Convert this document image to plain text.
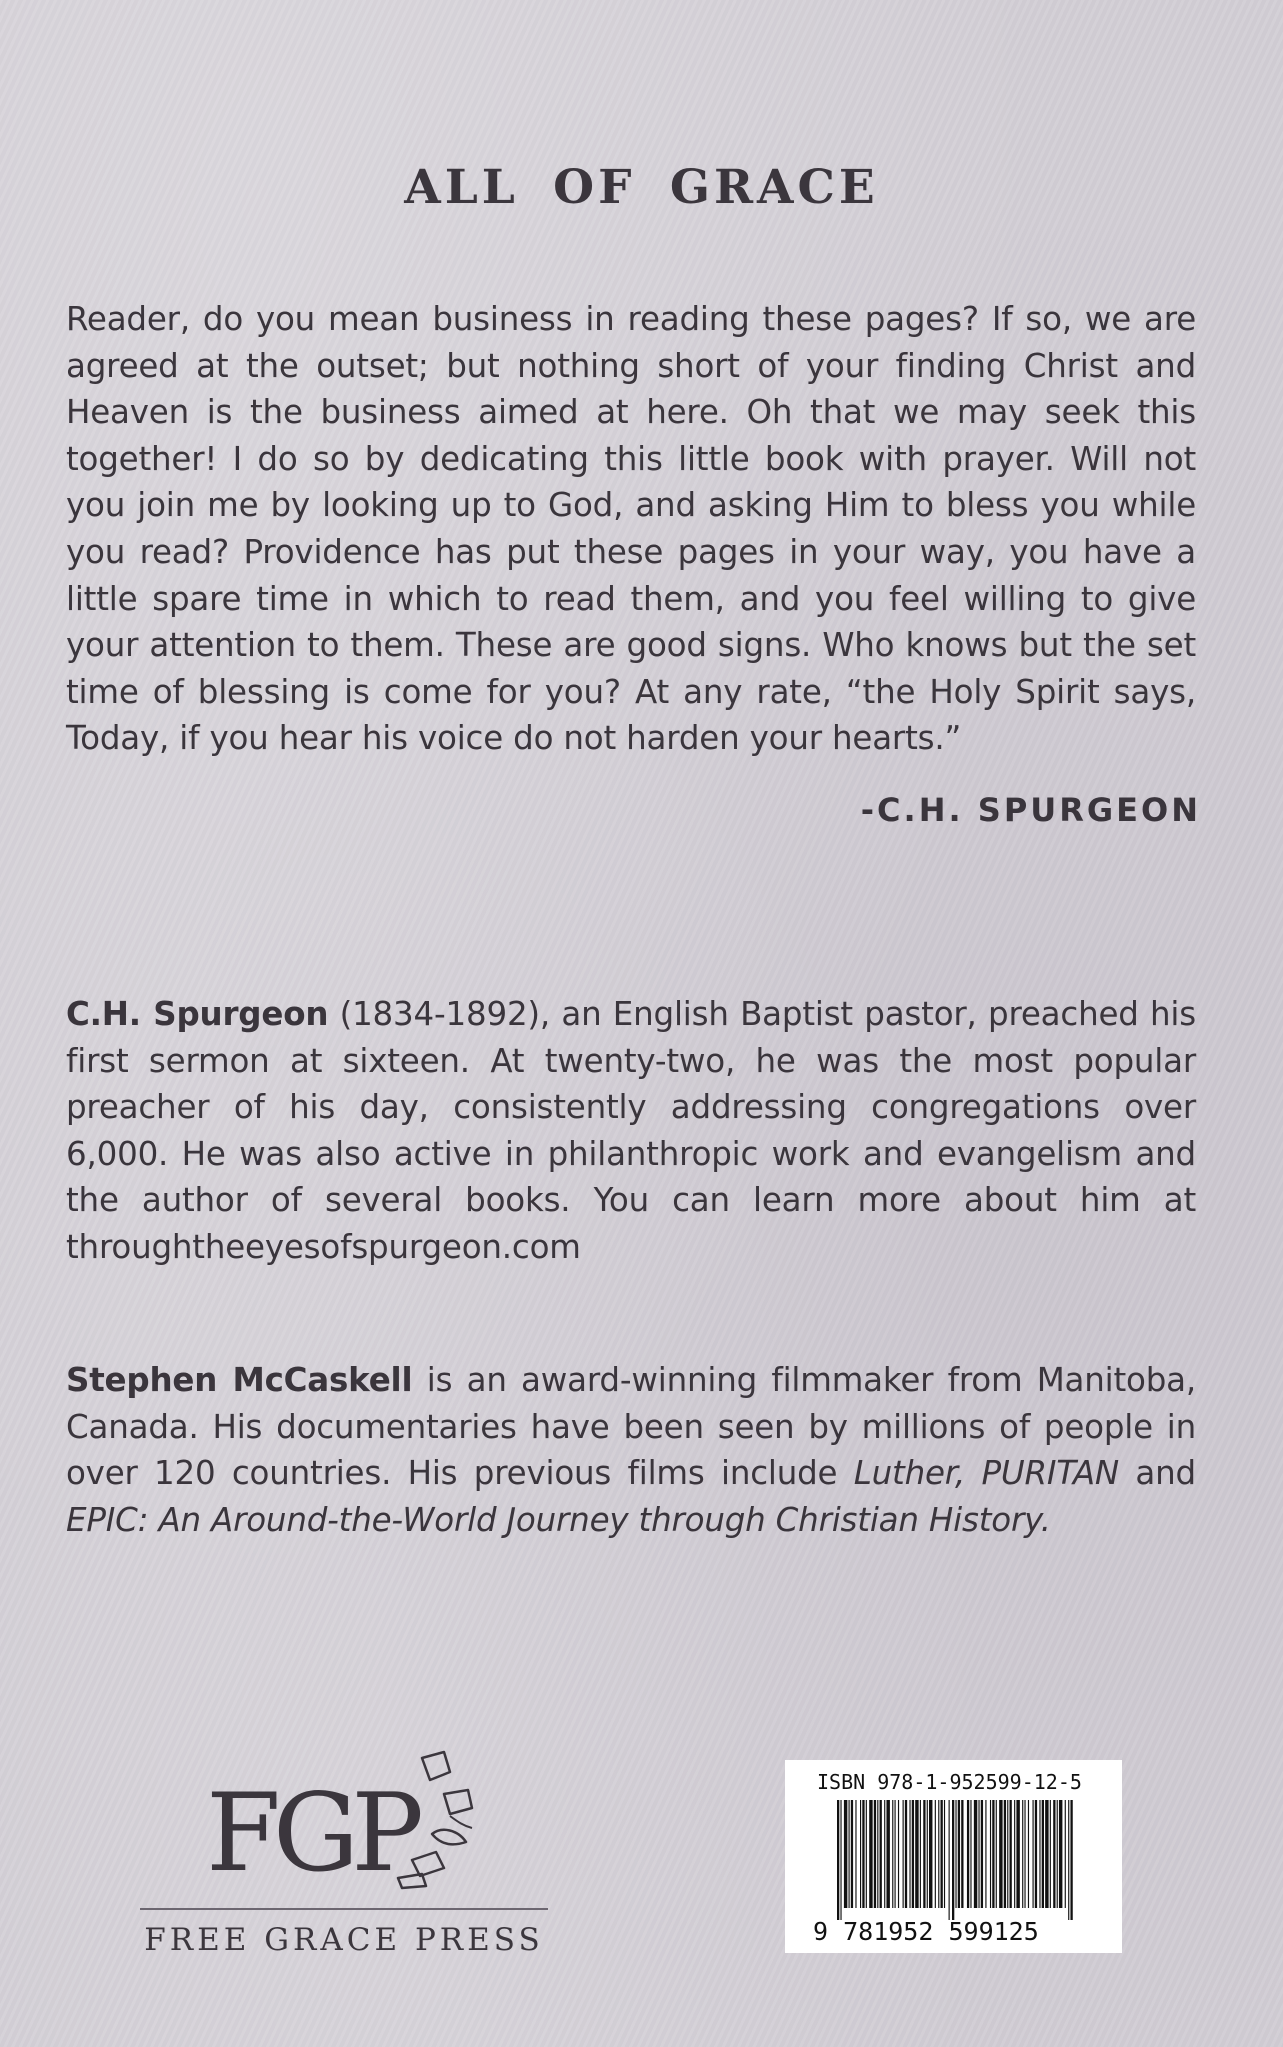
ALL OF GRACE
Reader, do you mean business in reading these pages? If so, we are agreed at the outset; but nothing short of your finding Christ and Heaven is the business aimed at here. Oh that we may seek this together! I do so by dedicating this little book with prayer. Will not you join me by looking up to God, and asking Him to bless you while you read? Providence has put these pages in your way, you have a little spare time in which to read them, and you feel willing to give your attention to them. These are good signs. Who knows but the set time of blessing is come for you? At any rate, “the Holy Spirit says, Today, if you hear his voice do not harden your hearts.”
-C.H. SPURGEON
C.H. Spurgeon (1834-1892), an English Baptist pastor, preached his first sermon at sixteen. At twenty-two, he was the most popular preacher of his day, consistently addressing congregations over 6,000. He was also active in philanthropic work and evangelism and the author of several books. You can learn more about him at throughtheeyesofspurgeon.com
Stephen McCaskell is an award-winning filmmaker from Manitoba, Canada. His documentaries have been seen by millions of people in over 120 countries. His previous films include Luther, PURITAN and EPIC: An Around-the-World Journey through Christian History.
FGP
FREE GRACE PRESS
ISBN 978-1-952599-12-5
9 781952 599125
